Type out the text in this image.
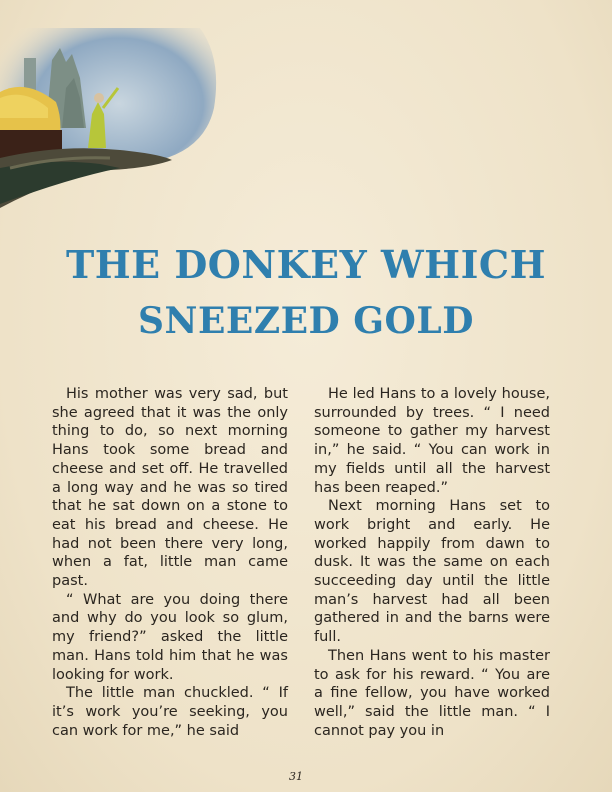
THE DONKEY WHICH
SNEEZED GOLD

His mother was very sad, but she agreed that it was the only thing to do, so next morning Hans took some bread and cheese and set off. He travelled a long way and he was so tired that he sat down on a stone to eat his bread and cheese. He had not been there very long, when a fat, little man came past.

“ What are you doing there and why do you look so glum, my friend?” asked the little man. Hans told him that he was looking for work.

The little man chuckled. “ If it’s work you’re seeking, you can work for me,” he said

He led Hans to a lovely house, surrounded by trees. “ I need someone to gather my harvest in,” he said. “ You can work in my fields until all the harvest has been reaped.”

Next morning Hans set to work bright and early. He worked happily from dawn to dusk. It was the same on each succeeding day until the little man’s harvest had all been gathered in and the barns were full.

Then Hans went to his master to ask for his reward. “ You are a fine fellow, you have worked well,” said the little man. “ I cannot pay you in

31
